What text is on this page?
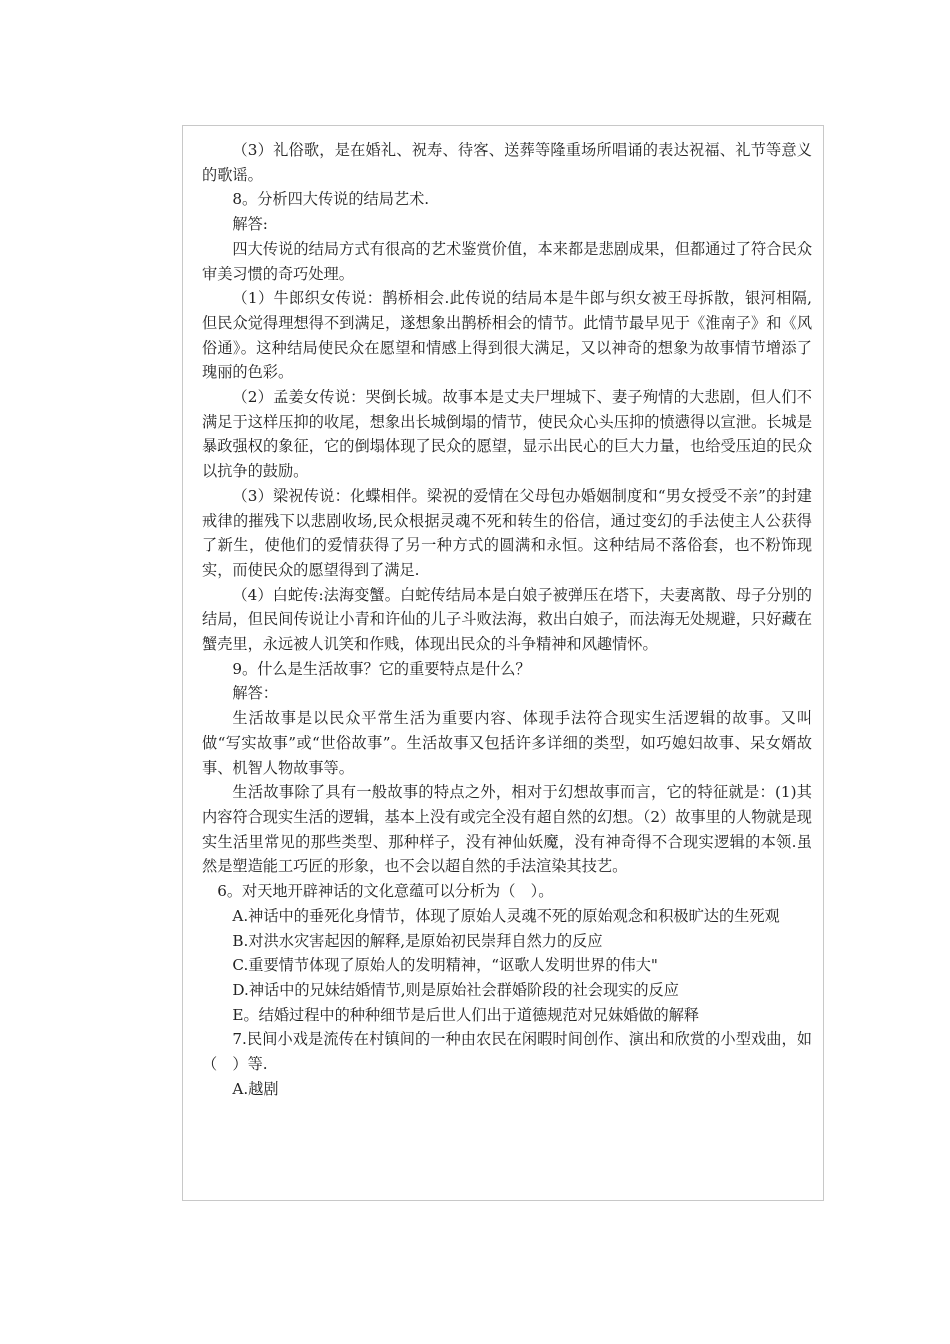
（3）礼俗歌，是在婚礼、祝寿、待客、送葬等隆重场所唱诵的表达祝福、礼节等意义的歌谣。

8。分析四大传说的结局艺术.

解答:

四大传说的结局方式有很高的艺术鉴赏价值，本来都是悲剧成果，但都通过了符合民众审美习惯的奇巧处理。

（1）牛郎织女传说：鹊桥相会.此传说的结局本是牛郎与织女被王母拆散，银河相隔,但民众觉得理想得不到满足，遂想象出鹊桥相会的情节。此情节最早见于《淮南子》和《风俗通》。这种结局使民众在愿望和情感上得到很大满足，又以神奇的想象为故事情节增添了瑰丽的色彩。

（2）孟姜女传说：哭倒长城。故事本是丈夫尸埋城下、妻子殉情的大悲剧，但人们不满足于这样压抑的收尾，想象出长城倒塌的情节，使民众心头压抑的愤懑得以宣泄。长城是暴政强权的象征，它的倒塌体现了民众的愿望，显示出民心的巨大力量，也给受压迫的民众以抗争的鼓励。

（3）梁祝传说：化蝶相伴。梁祝的爱情在父母包办婚姻制度和“男女授受不亲”的封建戒律的摧残下以悲剧收场,民众根据灵魂不死和转生的俗信，通过变幻的手法使主人公获得了新生，使他们的爱情获得了另一种方式的圆满和永恒。这种结局不落俗套，也不粉饰现实，而使民众的愿望得到了满足.

（4）白蛇传:法海变蟹。白蛇传结局本是白娘子被弹压在塔下，夫妻离散、母子分别的结局，但民间传说让小青和许仙的儿子斗败法海，救出白娘子，而法海无处规避，只好藏在蟹壳里，永远被人讥笑和作贱，体现出民众的斗争精神和风趣情怀。

9。什么是生活故事？它的重要特点是什么？

解答：

生活故事是以民众平常生活为重要内容、体现手法符合现实生活逻辑的故事。又叫做“写实故事”或“世俗故事”。生活故事又包括许多详细的类型，如巧媳妇故事、呆女婿故事、机智人物故事等。

生活故事除了具有一般故事的特点之外，相对于幻想故事而言，它的特征就是：(1)其内容符合现实生活的逻辑，基本上没有或完全没有超自然的幻想。（2）故事里的人物就是现实生活里常见的那些类型、那种样子，没有神仙妖魔，没有神奇得不合现实逻辑的本领.虽然是塑造能工巧匠的形象，也不会以超自然的手法渲染其技艺。

6。对天地开辟神话的文化意蕴可以分析为（　）。

A.神话中的垂死化身情节，体现了原始人灵魂不死的原始观念和积极旷达的生死观

B.对洪水灾害起因的解释,是原始初民崇拜自然力的反应

C.重要情节体现了原始人的发明精神，“讴歌人发明世界的伟大"

D.神话中的兄妹结婚情节,则是原始社会群婚阶段的社会现实的反应

E。结婚过程中的种种细节是后世人们出于道德规范对兄妹婚做的解释

7.民间小戏是流传在村镇间的一种由农民在闲暇时间创作、演出和欣赏的小型戏曲，如（　）等.

A.越剧
